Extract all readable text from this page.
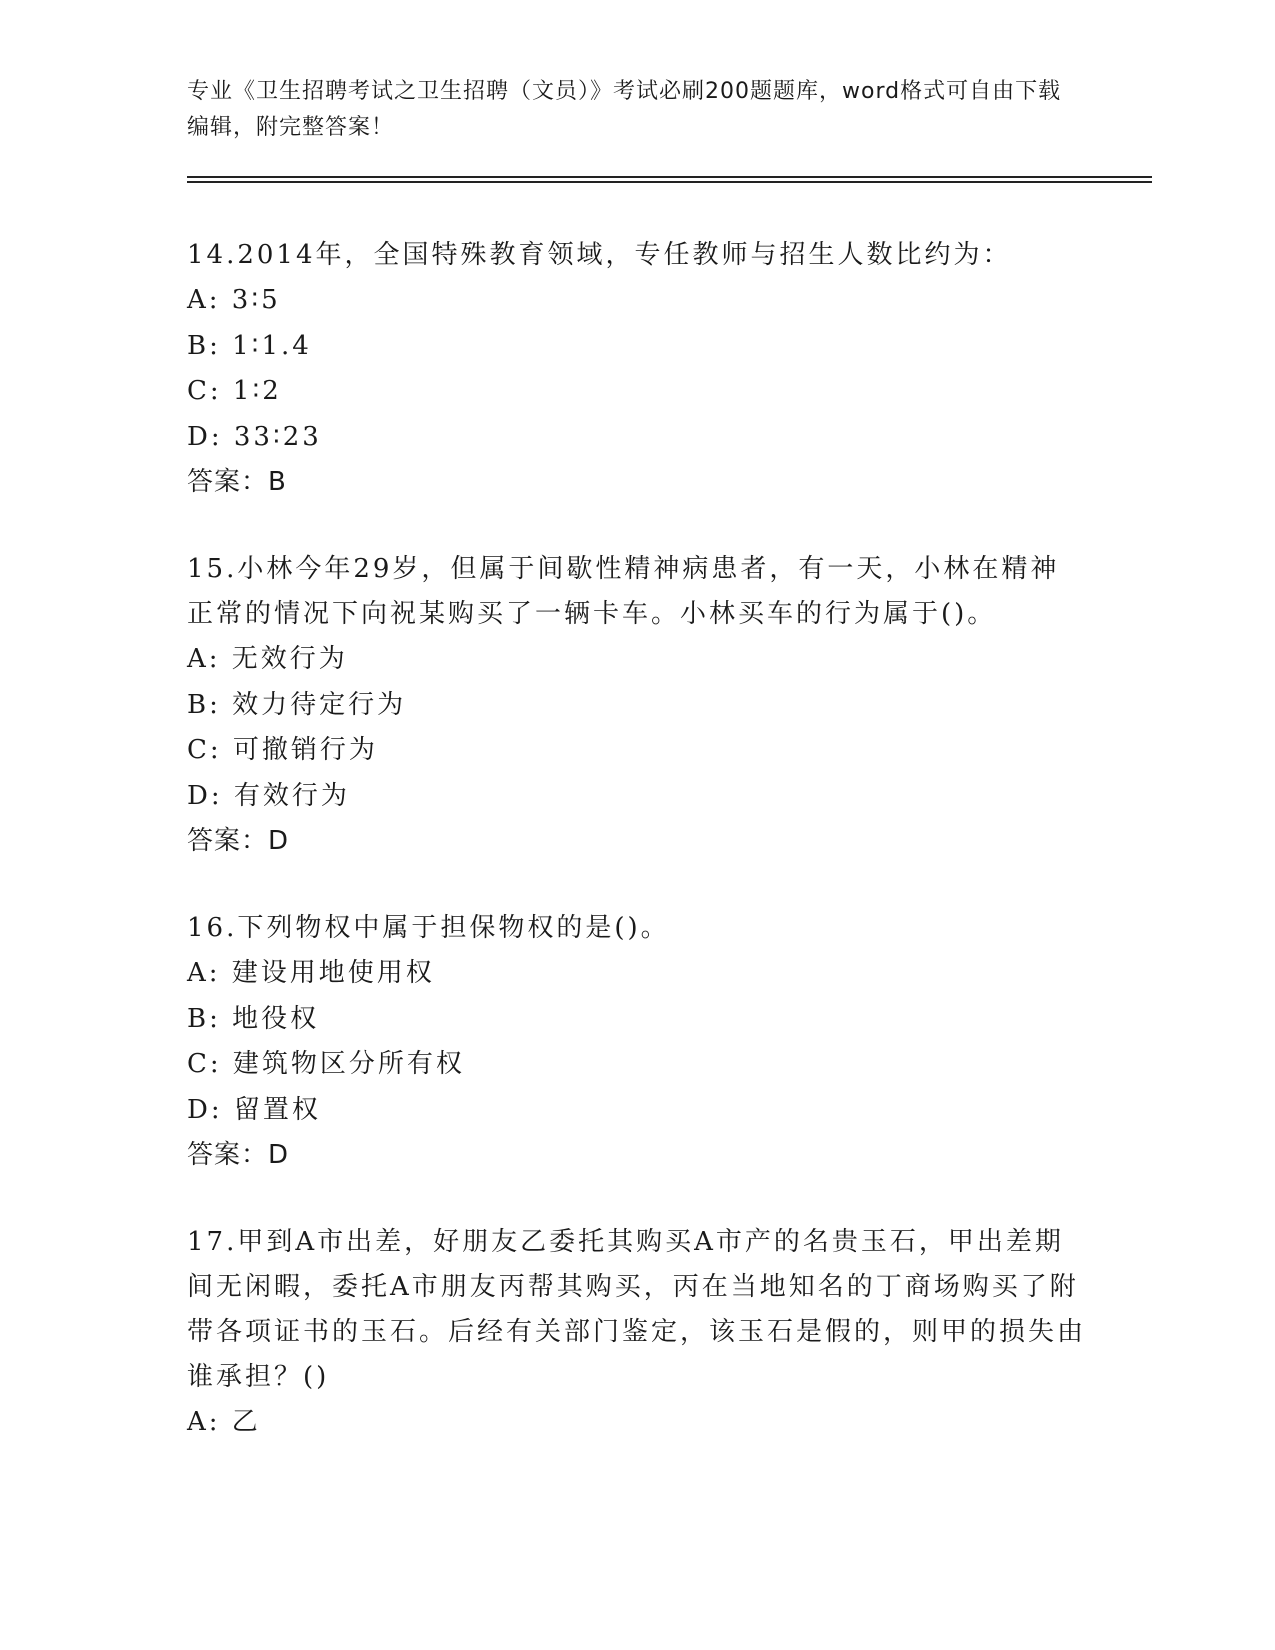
专业《卫生招聘考试之卫生招聘（文员）》考试必刷200题题库，word格式可自由下载编辑，附完整答案！
14.2014年，全国特殊教育领域，专任教师与招生人数比约为：
A: 3∶5
B: 1∶1.4
C: 1∶2
D: 33∶23
答案：B
15.小林今年29岁，但属于间歇性精神病患者，有一天，小林在精神正常的情况下向祝某购买了一辆卡车。小林买车的行为属于()。
A: 无效行为
B: 效力待定行为
C: 可撤销行为
D: 有效行为
答案：D
16.下列物权中属于担保物权的是()。
A: 建设用地使用权
B: 地役权
C: 建筑物区分所有权
D: 留置权
答案：D
17.甲到A市出差，好朋友乙委托其购买A市产的名贵玉石，甲出差期间无闲暇，委托A市朋友丙帮其购买，丙在当地知名的丁商场购买了附带各项证书的玉石。后经有关部门鉴定，该玉石是假的，则甲的损失由谁承担？()
A: 乙
